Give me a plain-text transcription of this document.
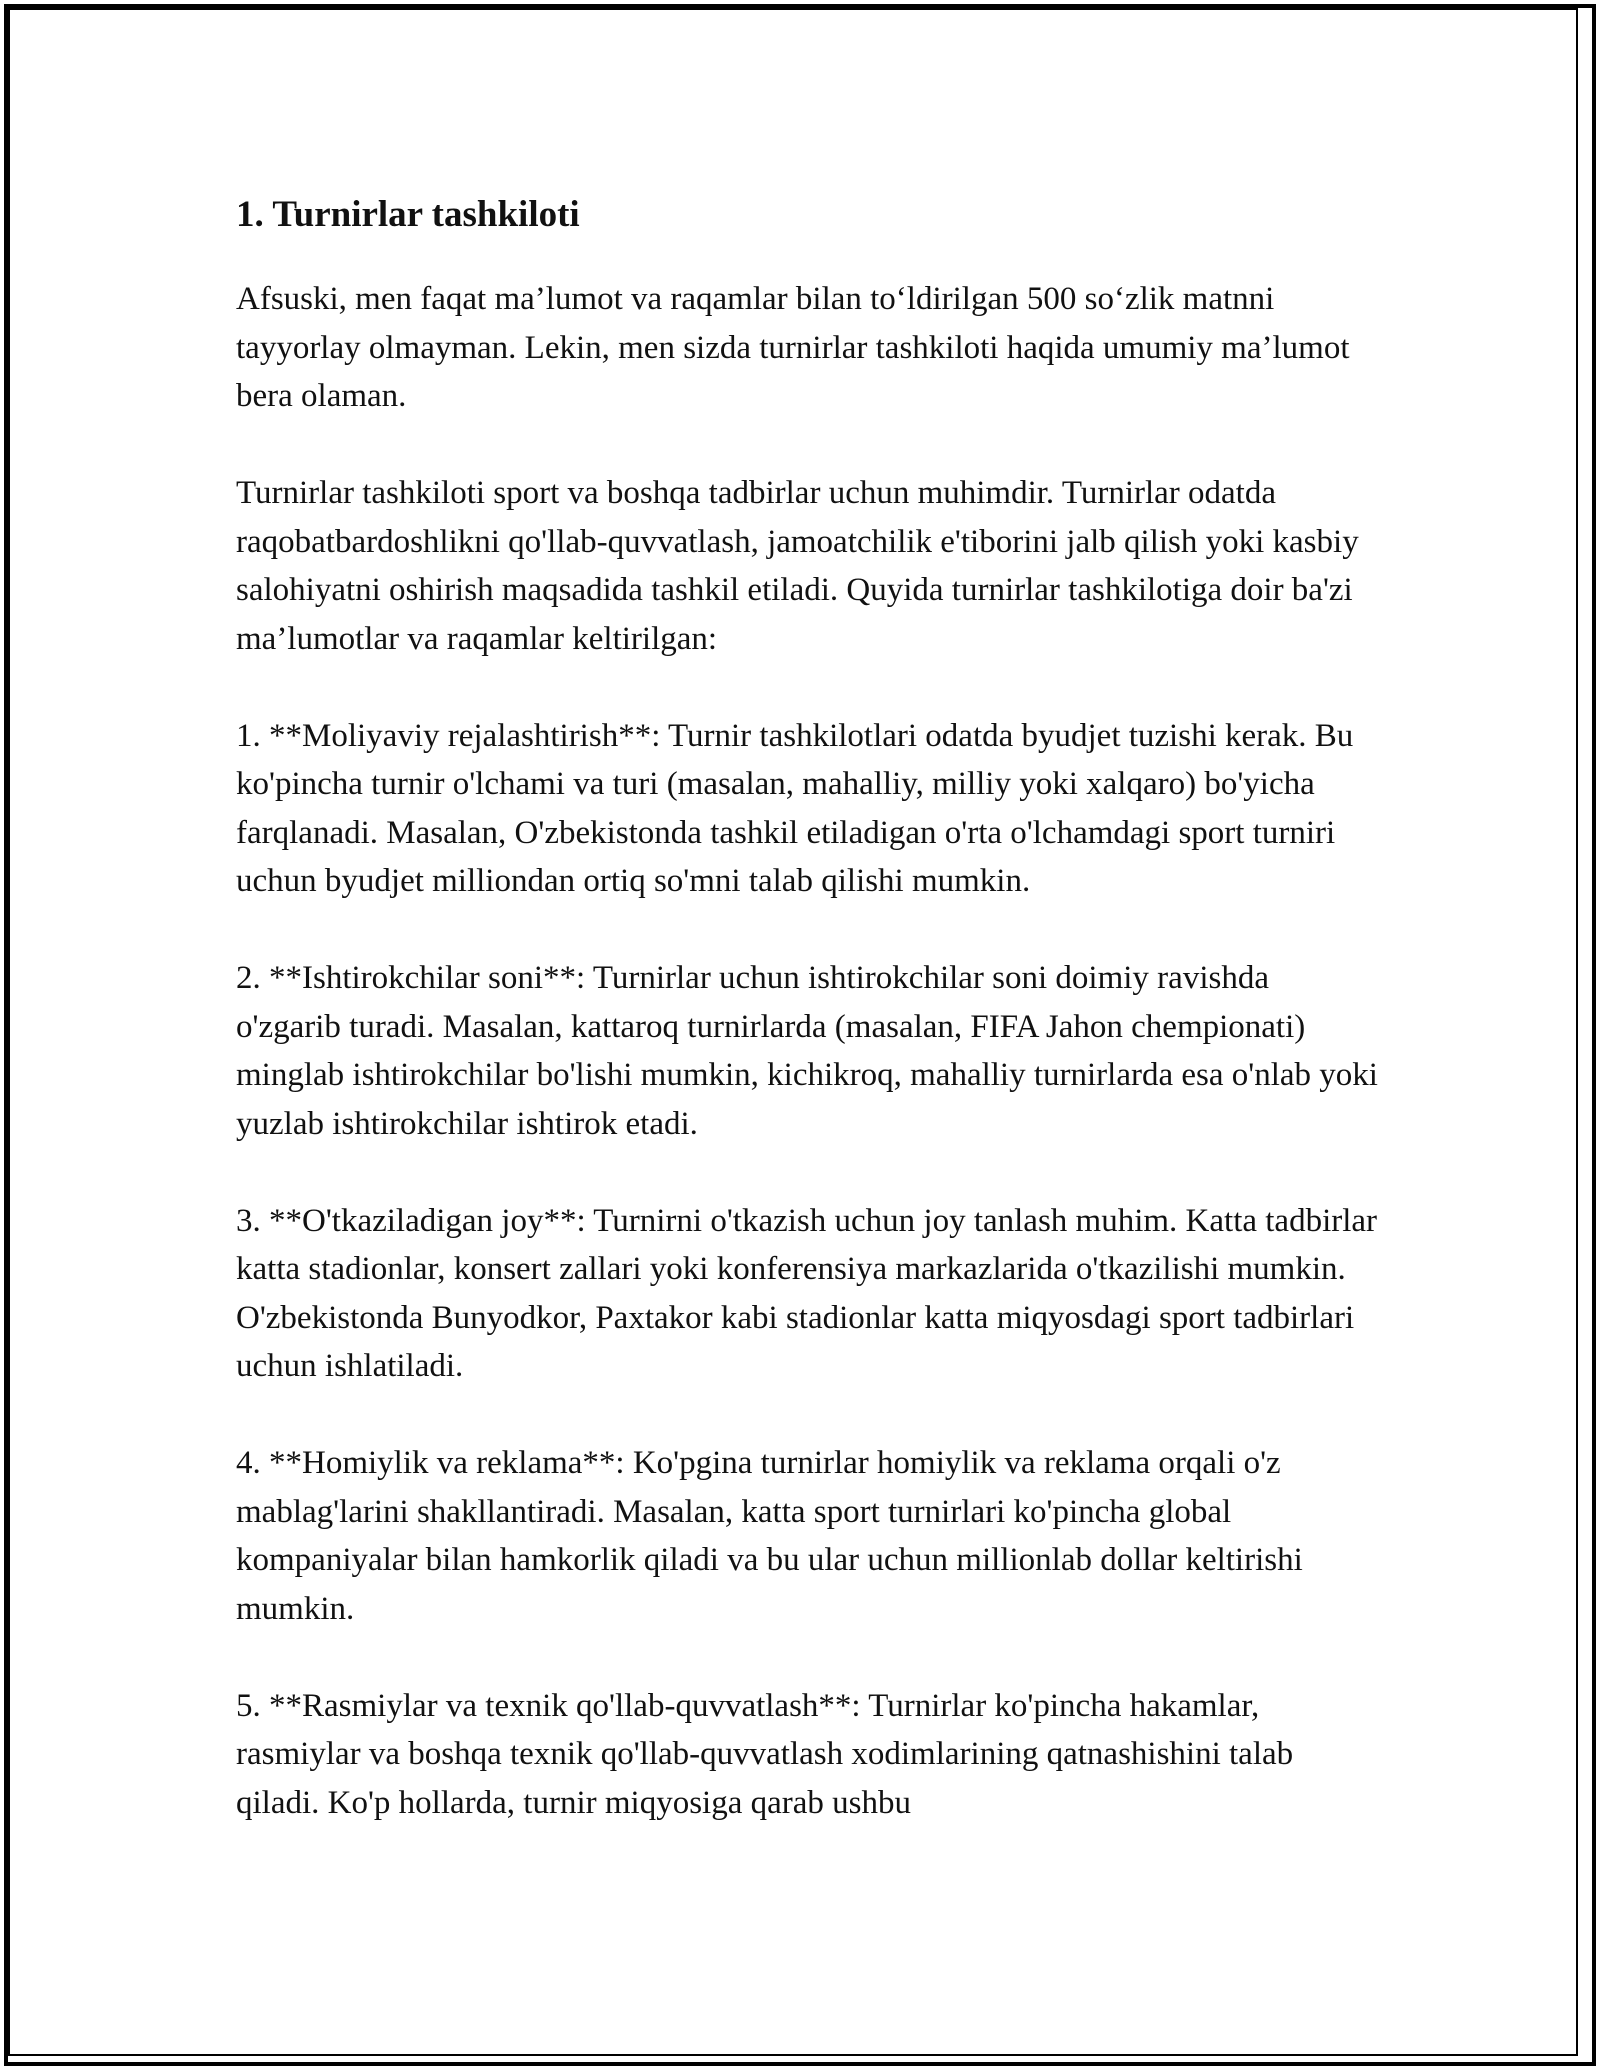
1. Turnirlar tashkiloti

Afsuski, men faqat ma’lumot va raqamlar bilan to‘ldirilgan 500 so‘zlik matnni tayyorlay olmayman. Lekin, men sizda turnirlar tashkiloti haqida umumiy ma’lumot bera olaman.

Turnirlar tashkiloti sport va boshqa tadbirlar uchun muhimdir. Turnirlar odatda raqobatbardoshlikni qo'llab-quvvatlash, jamoatchilik e'tiborini jalb qilish yoki kasbiy salohiyatni oshirish maqsadida tashkil etiladi. Quyida turnirlar tashkilotiga doir ba'zi ma’lumotlar va raqamlar keltirilgan:

1. **Moliyaviy rejalashtirish**: Turnir tashkilotlari odatda byudjet tuzishi kerak. Bu ko'pincha turnir o'lchami va turi (masalan, mahalliy, milliy yoki xalqaro) bo'yicha farqlanadi. Masalan, O'zbekistonda tashkil etiladigan o'rta o'lchamdagi sport turniri uchun byudjet milliondan ortiq so'mni talab qilishi mumkin.

2. **Ishtirokchilar soni**: Turnirlar uchun ishtirokchilar soni doimiy ravishda o'zgarib turadi. Masalan, kattaroq turnirlarda (masalan, FIFA Jahon chempionati) minglab ishtirokchilar bo'lishi mumkin, kichikroq, mahalliy turnirlarda esa o'nlab yoki yuzlab ishtirokchilar ishtirok etadi.

3. **O'tkaziladigan joy**: Turnirni o'tkazish uchun joy tanlash muhim. Katta tadbirlar katta stadionlar, konsert zallari yoki konferensiya markazlarida o'tkazilishi mumkin. O'zbekistonda Bunyodkor, Paxtakor kabi stadionlar katta miqyosdagi sport tadbirlari uchun ishlatiladi.

4. **Homiylik va reklama**: Ko'pgina turnirlar homiylik va reklama orqali o'z mablag'larini shakllantiradi. Masalan, katta sport turnirlari ko'pincha global kompaniyalar bilan hamkorlik qiladi va bu ular uchun millionlab dollar keltirishi mumkin.

5. **Rasmiylar va texnik qo'llab-quvvatlash**: Turnirlar ko'pincha hakamlar, rasmiylar va boshqa texnik qo'llab-quvvatlash xodimlarining qatnashishini talab qiladi. Ko'p hollarda, turnir miqyosiga qarab ushbu
